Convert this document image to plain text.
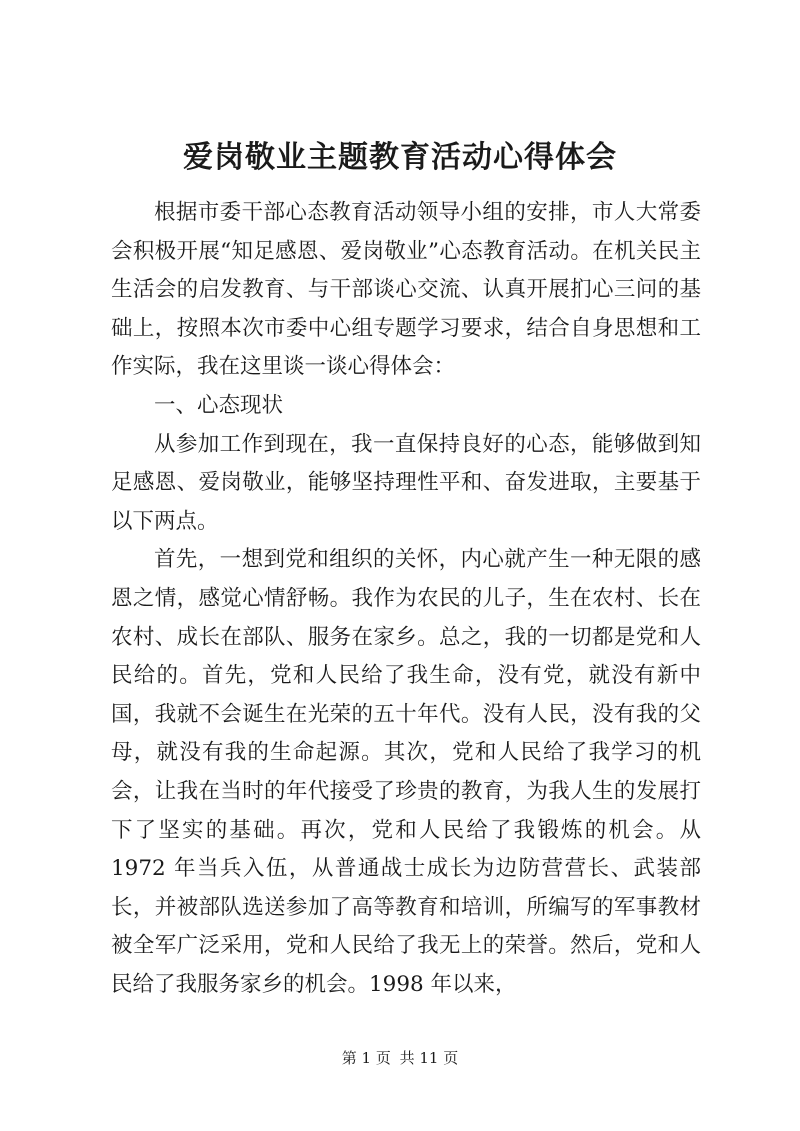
爱岗敬业主题教育活动心得体会

根据市委干部心态教育活动领导小组的安排，市人大常委会积极开展“知足感恩、爱岗敬业”心态教育活动。在机关民主生活会的启发教育、与干部谈心交流、认真开展扪心三问的基础上，按照本次市委中心组专题学习要求，结合自身思想和工作实际，我在这里谈一谈心得体会：

一、心态现状

从参加工作到现在，我一直保持良好的心态，能够做到知足感恩、爱岗敬业，能够坚持理性平和、奋发进取，主要基于以下两点。

首先，一想到党和组织的关怀，内心就产生一种无限的感恩之情，感觉心情舒畅。我作为农民的儿子，生在农村、长在农村、成长在部队、服务在家乡。总之，我的一切都是党和人民给的。首先，党和人民给了我生命，没有党，就没有新中国，我就不会诞生在光荣的五十年代。没有人民，没有我的父母，就没有我的生命起源。其次，党和人民给了我学习的机会，让我在当时的年代接受了珍贵的教育，为我人生的发展打下了坚实的基础。再次，党和人民给了我锻炼的机会。从 1972 年当兵入伍，从普通战士成长为边防营营长、武装部长，并被部队选送参加了高等教育和培训，所编写的军事教材被全军广泛采用，党和人民给了我无上的荣誉。然后，党和人民给了我服务家乡的机会。1998 年以来，

第 1 页 共 11 页
